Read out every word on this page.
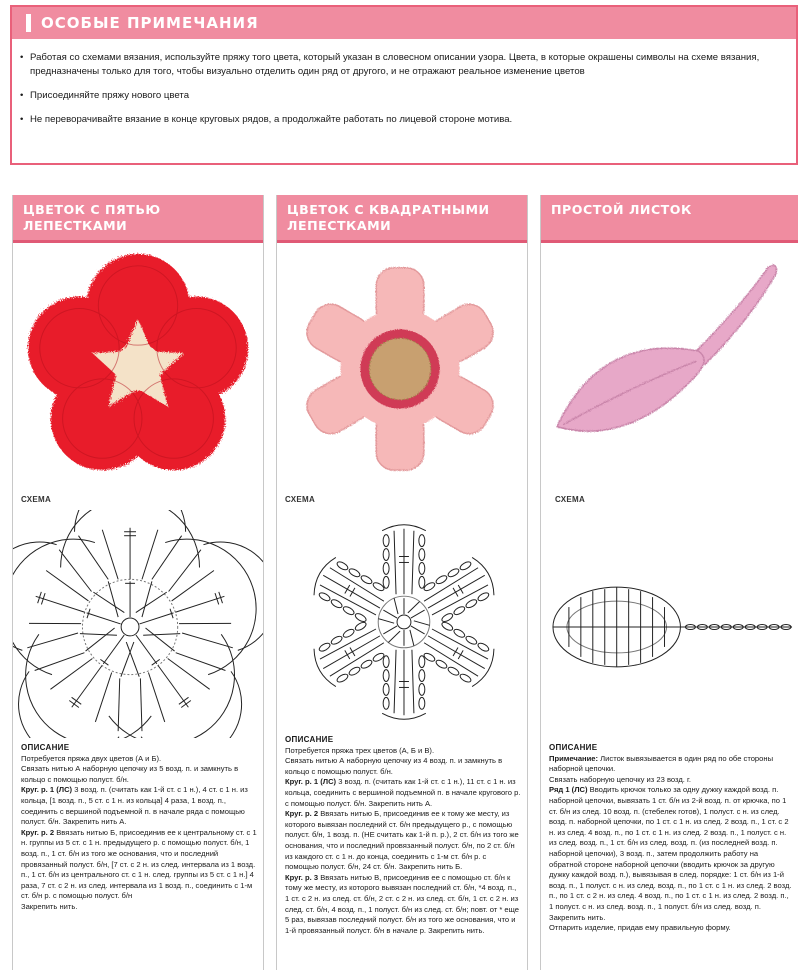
ОСОБЫЕ ПРИМЕЧАНИЯ
• Работая со схемами вязания, используйте пряжу того цвета, который указан в словесном описании узора. Цвета, в которые окрашены символы на схеме вязания, предназначены только для того, чтобы визуально отделить один ряд от другого, и не отражают реальное изменение цветов
• Присоединяйте пряжу нового цвета
• Не переворачивайте вязание в конце круговых рядов, а продолжайте работать по лицевой стороне мотива.
ЦВЕТОК С ПЯТЬЮ
ЛЕПЕСТКАМИ
СХЕМА

ОПИСАНИЕ

Потребуется пряжа двух цветов (А и Б).

Связать нитью А наборную цепочку из 5 возд. п. и замкнуть в кольцо с помощью полуст. б/н.

Круг. р. 1 (ЛС) 3 возд. п. (считать как 1-й ст. с 1 н.), 4 ст. с 1 н. из кольца, [1 возд. п., 5 ст. с 1 н. из кольца] 4 раза, 1 возд. п., соединить с вершиной подъемной п. в начале ряда с помощью полуст. б/н. Закрепить нить А.

Круг. р. 2 Ввязать нитью Б, присоединив ее к центральному ст. с 1 н. группы из 5 ст. с 1 н. предыдущего р. с помощью полуст. б/н, 1 возд. п., 1 ст. б/н из того же основания, что и последний провязанный полуст. б/н, [7 ст. с 2 н. из след. интервала из 1 возд. п., 1 ст. б/н из центрального ст. с 1 н. след. группы из 5 ст. с 1 н.] 4 раза, 7 ст. с 2 н. из след. интервала из 1 возд. п., соединить с 1-м ст. б/н р. с помощью полуст. б/н

Закрепить нить.

ЦВЕТОК С КВАДРАТНЫМИ
ЛЕПЕСТКАМИ
СХЕМА

ОПИСАНИЕ

Потребуется пряжа трех цветов (А, Б и В).

Связать нитью А наборную цепочку из 4 возд. п. и замкнуть в кольцо с помощью полуст. б/н.

Круг. р. 1 (ЛС) 3 возд. п. (считать как 1-й ст. с 1 н.), 11 ст. с 1 н. из кольца, соединить с вершиной подъемной п. в начале кругового р. с помощью полуст. б/н. Закрепить нить А.

Круг. р. 2 Ввязать нитью Б, присоединив ее к тому же месту, из которого вывязан последний ст. б/н предыдущего р., с помощью полуст. б/н, 1 возд. п. (НЕ считать как 1-й п. р.), 2 ст. б/н из того же основания, что и последний провязанный полуст. б/н, по 2 ст. б/н из каждого ст. с 1 н. до конца, соединить с 1-м ст. б/н р. с помощью полуст. б/н, 24 ст. б/н. Закрепить нить Б.

Круг. р. 3 Ввязать нитью В, присоединив ее с помощью ст. б/н к тому же месту, из которого вывязан последний ст. б/н, *4 возд. п., 1 ст. с 2 н. из след. ст. б/н, 2 ст. с 2 н. из след. ст. б/н, 1 ст. с 2 н. из след. ст. б/н, 4 возд. п., 1 полуст. б/н из след. ст. б/н; повт. от * еще 5 раз, вывязав последний полуст. б/н из того же основания, что и 1-й провязанный полуст. б/н в начале р. Закрепить нить.

ПРОСТОЙ ЛИСТОК
СХЕМА

ОПИСАНИЕ

Примечание: Листок вывязывается в один ряд по обе стороны наборной цепочки.

Связать наборную цепочку из 23 возд. г.

Ряд 1 (ЛС) Вводить крючок только за одну дужку каждой возд. п. наборной цепочки, вывязать 1 ст. б/н из 2-й возд. п. от крючка, по 1 ст. б/н из след. 10 возд. п. (стебелек готов), 1 полуст. с н. из след. возд. п. наборной цепочки, по 1 ст. с 1 н. из след. 2 возд. п., 1 ст. с 2 н. из след. 4 возд. п., по 1 ст. с 1 н. из след. 2 возд. п., 1 полуст. с н. из след. возд. п., 1 ст. б/н из след. возд. п. (из последней возд. п. наборной цепочки), 3 возд. п., затем продолжить работу на обратной стороне наборной цепочки (вводить крючок за другую дужку каждой возд. п.), вывязывая в след. порядке: 1 ст. б/н из 1-й возд. п., 1 полуст. с н. из след. возд. п., по 1 ст. с 1 н. из след. 2 возд. п., по 1 ст. с 2 н. из след. 4 возд. п., по 1 ст. с 1 н. из след. 2 возд. п., 1 полуст. с н. из след. возд. п., 1 полуст. б/н из след. возд. п.

Закрепить нить.

Отпарить изделие, придав ему правильную форму.
